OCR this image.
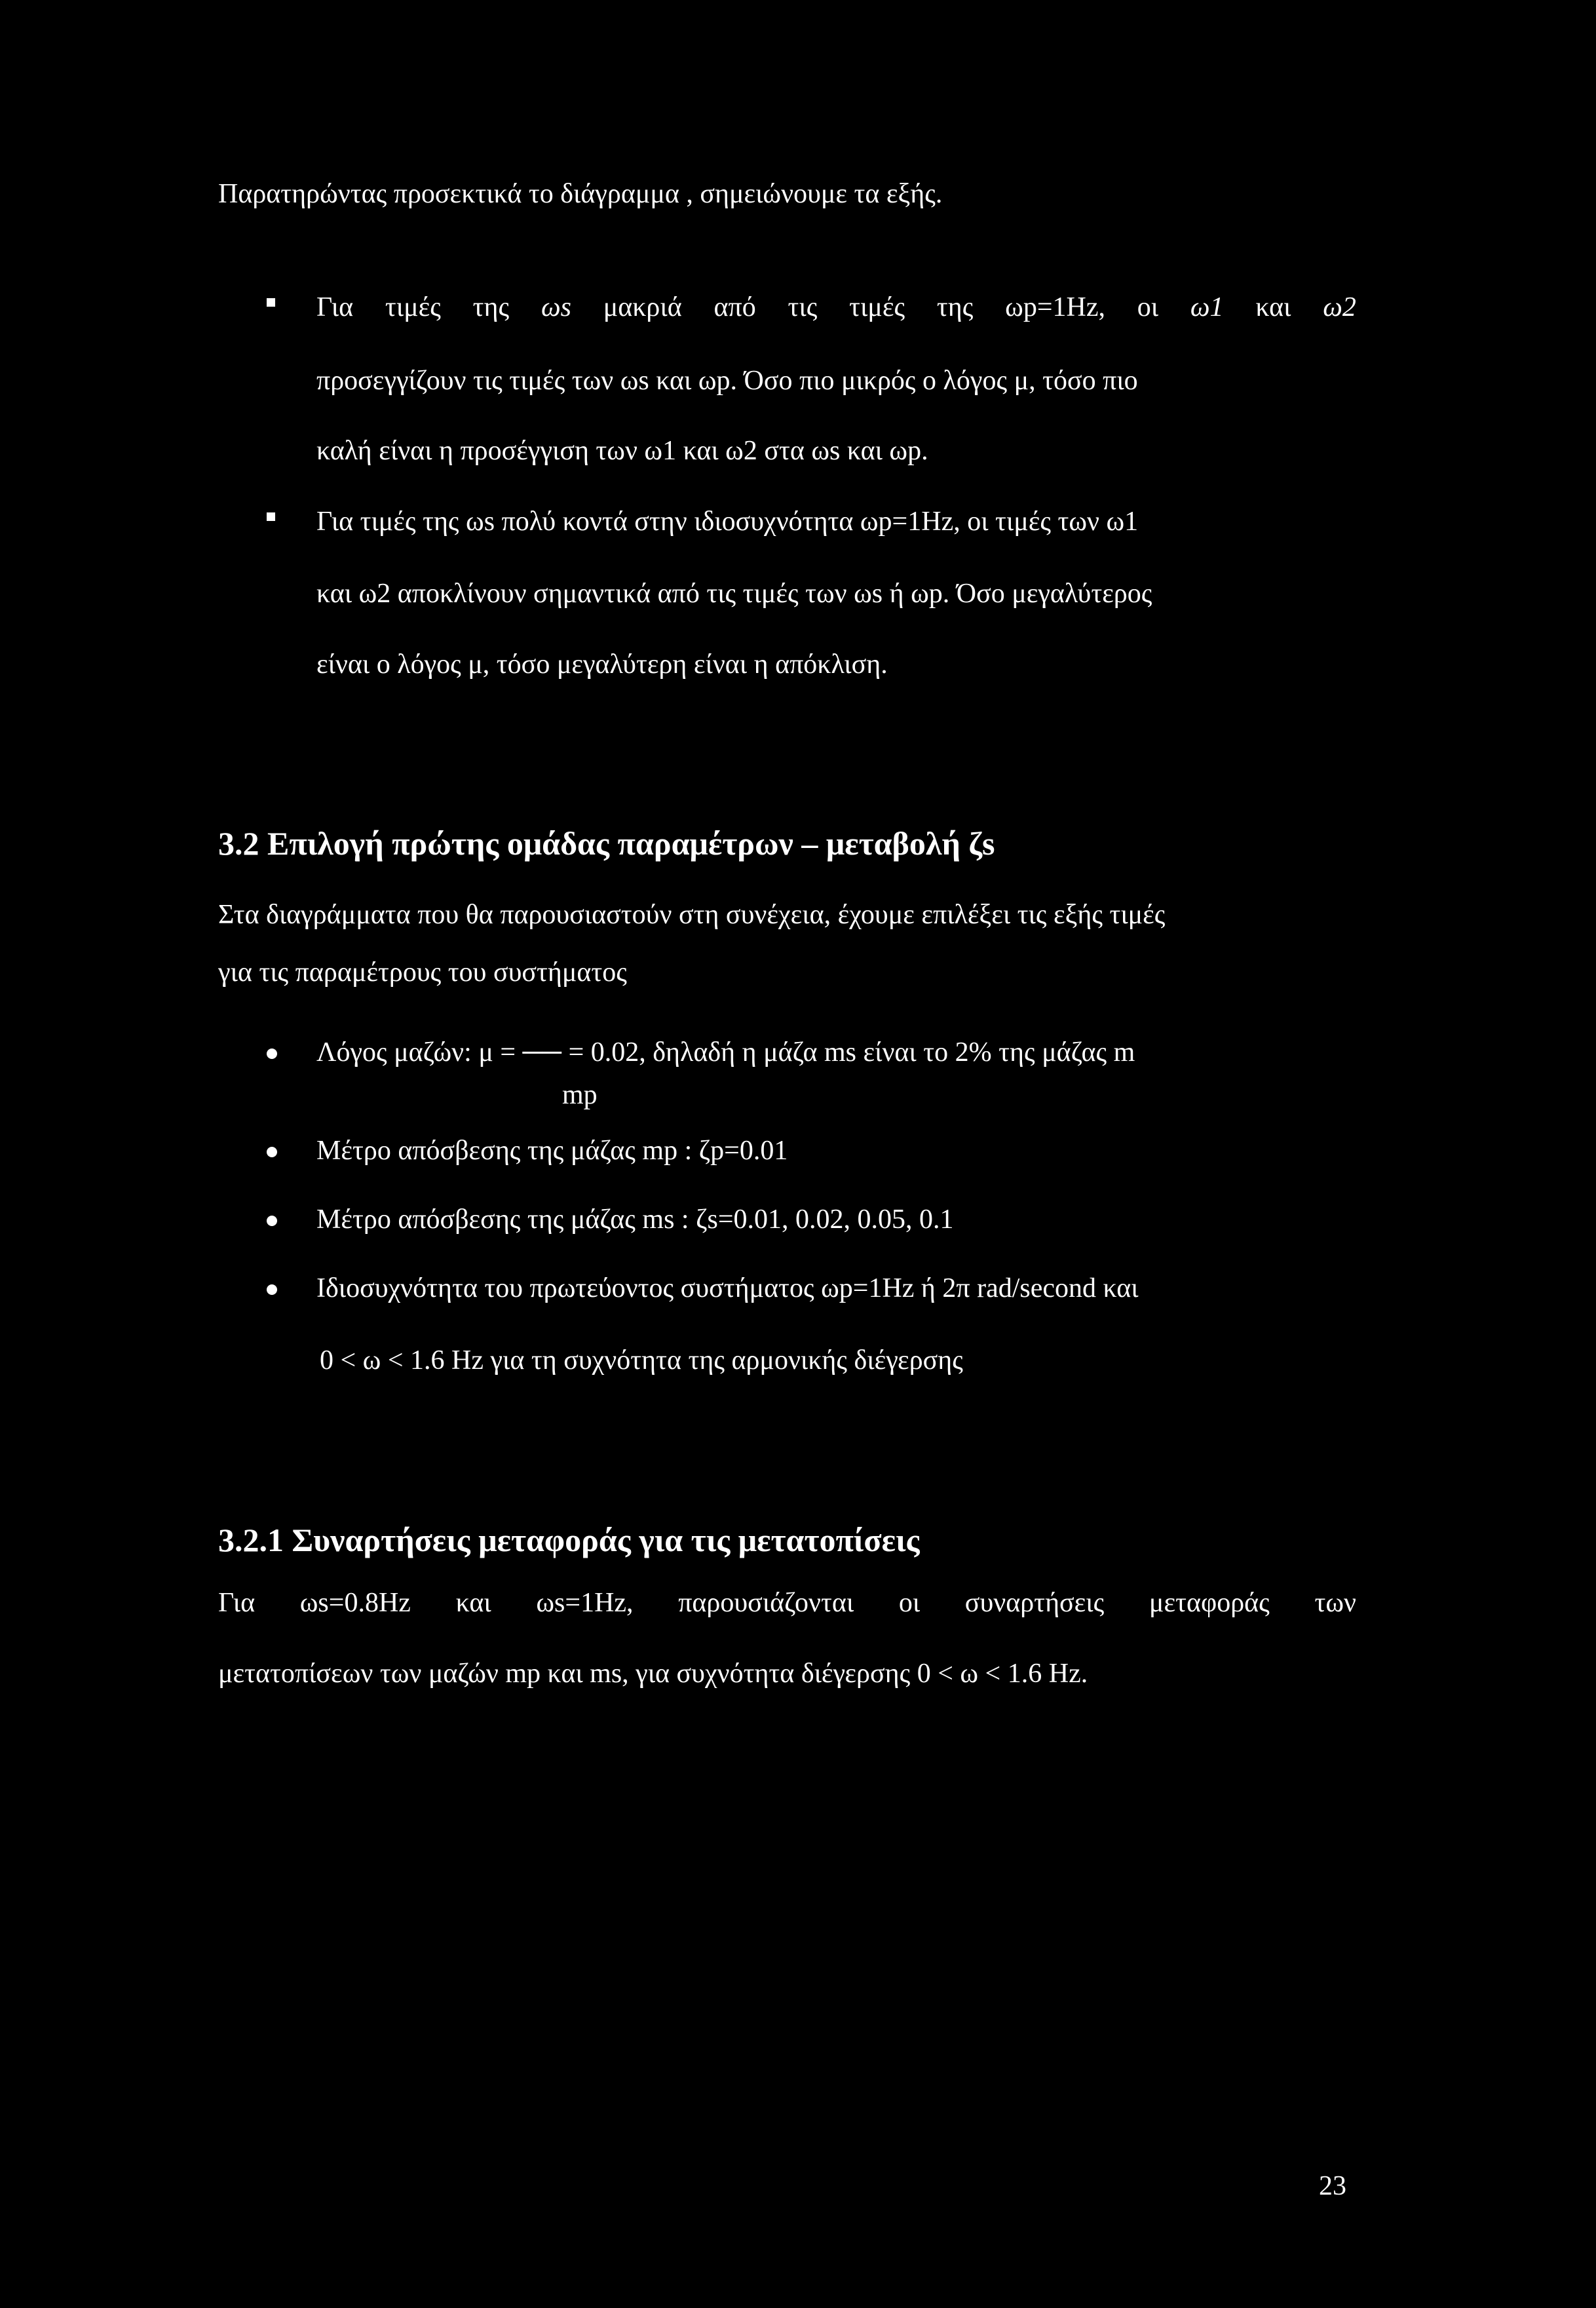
Παρατηρώντας προσεκτικά το διάγραμμα , σημειώνουμε τα εξής.
Για τιμές της ωs μακριά από τις τιμές της ωp=1Hz, οι ω1 και ω2
προσεγγίζουν τις τιμές των ωs και ωp. Όσο πιο μικρός ο λόγος μ, τόσο πιο
καλή είναι η προσέγγιση των ω1 και ω2 στα ωs και ωp.
Για τιμές της ωs πολύ κοντά στην ιδιοσυχνότητα ωp=1Hz, οι τιμές των ω1
και ω2 αποκλίνουν σημαντικά από τις τιμές των ωs ή ωp. Όσο μεγαλύτερος
είναι ο λόγος μ, τόσο μεγαλύτερη είναι η απόκλιση.
3.2 Επιλογή πρώτης ομάδας παραμέτρων – μεταβολή ζs
Στα διαγράμματα που θα παρουσιαστούν στη συνέχεια, έχουμε επιλέξει τις εξής τιμές
για τις παραμέτρους του συστήματος
Λόγος μαζών: μ = ── = 0.02, δηλαδή η μάζα ms είναι το 2% της μάζας m
mp
Μέτρο απόσβεσης της μάζας mp : ζp=0.01
Μέτρο απόσβεσης της μάζας ms : ζs=0.01, 0.02, 0.05, 0.1
Ιδιοσυχνότητα του πρωτεύοντος συστήματος ωp=1Hz ή 2π rad/second και
0 < ω < 1.6 Hz για τη συχνότητα της αρμονικής διέγερσης
3.2.1 Συναρτήσεις μεταφοράς για τις μετατοπίσεις
Για ωs=0.8Hz και ωs=1Hz, παρουσιάζονται οι συναρτήσεις μεταφοράς των
μετατοπίσεων των μαζών mp και ms, για συχνότητα διέγερσης 0 < ω < 1.6 Hz.
23
